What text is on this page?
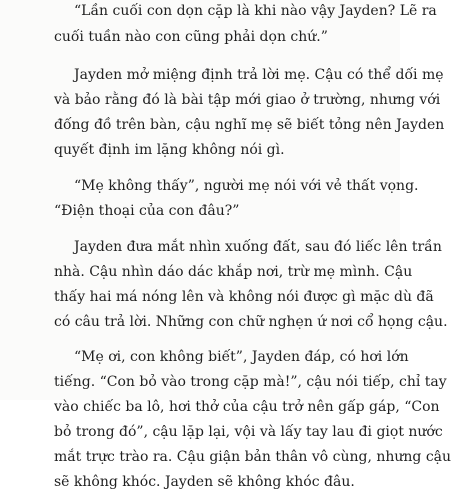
“Lần cuối con dọn cặp là khi nào vậy Jayden? Lẽ ra
cuối tuần nào con cũng phải dọn chứ.”
Jayden mở miệng định trả lời mẹ. Cậu có thể dối mẹ
và bảo rằng đó là bài tập mới giao ở trường, nhưng với
đống đồ trên bàn, cậu nghĩ mẹ sẽ biết tỏng nên Jayden
quyết định im lặng không nói gì.
“Mẹ không thấy”, người mẹ nói với vẻ thất vọng.
“Điện thoại của con đâu?”
Jayden đưa mắt nhìn xuống đất, sau đó liếc lên trần
nhà. Cậu nhìn dáo dác khắp nơi, trừ mẹ mình. Cậu
thấy hai má nóng lên và không nói được gì mặc dù đã
có câu trả lời. Những con chữ nghẹn ứ nơi cổ họng cậu.
“Mẹ ơi, con không biết”, Jayden đáp, có hơi lớn
tiếng. “Con bỏ vào trong cặp mà!”, cậu nói tiếp, chỉ tay
vào chiếc ba lô, hơi thở của cậu trở nên gấp gáp, “Con
bỏ trong đó”, cậu lặp lại, vội và lấy tay lau đi giọt nước
mắt trực trào ra. Cậu giận bản thân vô cùng, nhưng cậu
sẽ không khóc. Jayden sẽ không khóc đâu.
